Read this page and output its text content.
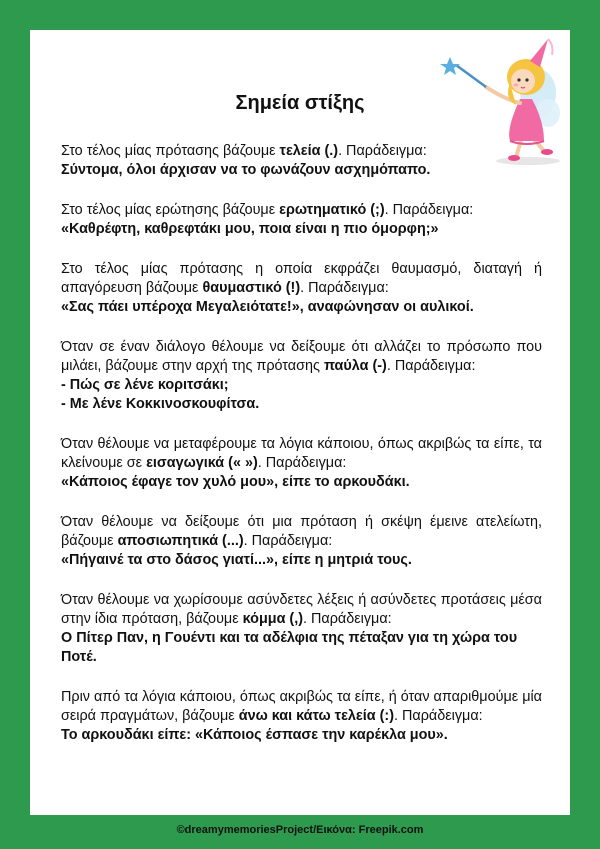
Σημεία στίξης
Στο τέλος μίας πρότασης βάζουμε τελεία (.). Παράδειγμα:
Σύντομα, όλοι άρχισαν να το φωνάζουν ασχημόπαπο.
Στο τέλος μίας ερώτησης βάζουμε ερωτηματικό (;). Παράδειγμα:
«Καθρέφτη, καθρεφτάκι μου, ποια είναι η πιο όμορφη;»
Στο τέλος μίας πρότασης η οποία εκφράζει θαυμασμό, διαταγή ή απαγόρευση βάζουμε θαυμαστικό (!). Παράδειγμα:
«Σας πάει υπέροχα Μεγαλειότατε!», αναφώνησαν οι αυλικοί.
Όταν σε έναν διάλογο θέλουμε να δείξουμε ότι αλλάζει το πρόσωπο που μιλάει, βάζουμε στην αρχή της πρότασης παύλα (-). Παράδειγμα:
- Πώς σε λένε κοριτσάκι;
- Με λένε Κοκκινοσκουφίτσα.
Όταν θέλουμε να μεταφέρουμε τα λόγια κάποιου, όπως ακριβώς τα είπε, τα κλείνουμε σε εισαγωγικά (« »). Παράδειγμα:
«Κάποιος έφαγε τον χυλό μου», είπε το αρκουδάκι.
Όταν θέλουμε να δείξουμε ότι μια πρόταση ή σκέψη έμεινε ατελείωτη, βάζουμε αποσιωπητικά (...). Παράδειγμα:
«Πήγαινέ τα στο δάσος γιατί...», είπε η μητριά τους.
Όταν θέλουμε να χωρίσουμε ασύνδετες λέξεις ή ασύνδετες προτάσεις μέσα στην ίδια πρόταση, βάζουμε κόμμα (,). Παράδειγμα:
Ο Πίτερ Παν, η Γουέντι και τα αδέλφια της πέταξαν για τη χώρα του Ποτέ.
Πριν από τα λόγια κάποιου, όπως ακριβώς τα είπε, ή όταν απαριθμούμε μία σειρά πραγμάτων, βάζουμε άνω και κάτω τελεία (:). Παράδειγμα:
Το αρκουδάκι είπε: «Κάποιος έσπασε την καρέκλα μου».
©dreamymemoriesProject/Εικόνα: Freepik.com
